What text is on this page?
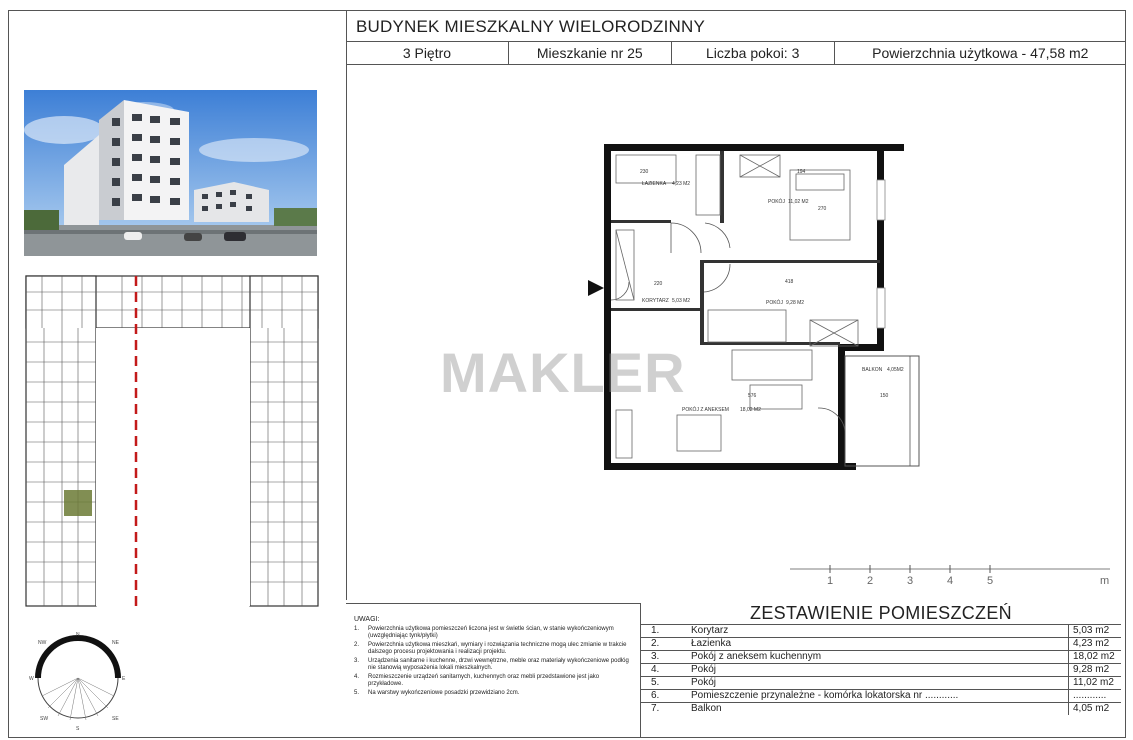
BUDYNEK MIESZKALNY WIELORODZINNY
3 Piętro	Mieszkanie nr 25	Liczba pokoi: 3	Powierzchnia użytkowa - 47,58 m2
NW
N
NE
W	E
SW
S
SE
ŁAZIENKA 4,23 M2
POKÓJ 11,02 M2
KORYTARZ 5,03 M2	POKÓJ 9,28 M2
POKÓJ Z ANEKSEM 18,02 M2
BALKON 4,05M2
220	418
576	150
194
270
230
MAKLER
1	2	3	4	5	m
UWAGI:
1.	Powierzchnia użytkowa pomieszczeń liczona jest w świetle ścian, w stanie wykończeniowym (uwzględniając tynk/płytki)
2.	Powierzchnia użytkowa mieszkań, wymiary i rozwiązania techniczne mogą ulec zmianie w trakcie dalszego procesu projektowania i realizacji projektu.
3.	Urządzenia sanitarne i kuchenne, drzwi wewnętrzne, meble oraz materiały wykończeniowe podłóg nie stanowią wyposażenia lokali mieszkalnych.
4.	Rozmieszczenie urządzeń sanitarnych, kuchennych oraz mebli przedstawione jest jako przykładowe.
5.	Na warstwy wykończeniowe posadzki przewidziano 2cm.
ZESTAWIENIE POMIESZCZEŃ
1.	Korytarz	5,03 m2
2.	Łazienka	4,23 m2
3.	Pokój z aneksem kuchennym	18,02 m2
4.	Pokój	9,28 m2
5.	Pokój	11,02 m2
6.	Pomieszczenie przynależne - komórka lokatorska nr ............	............
7.	Balkon	4,05 m2
